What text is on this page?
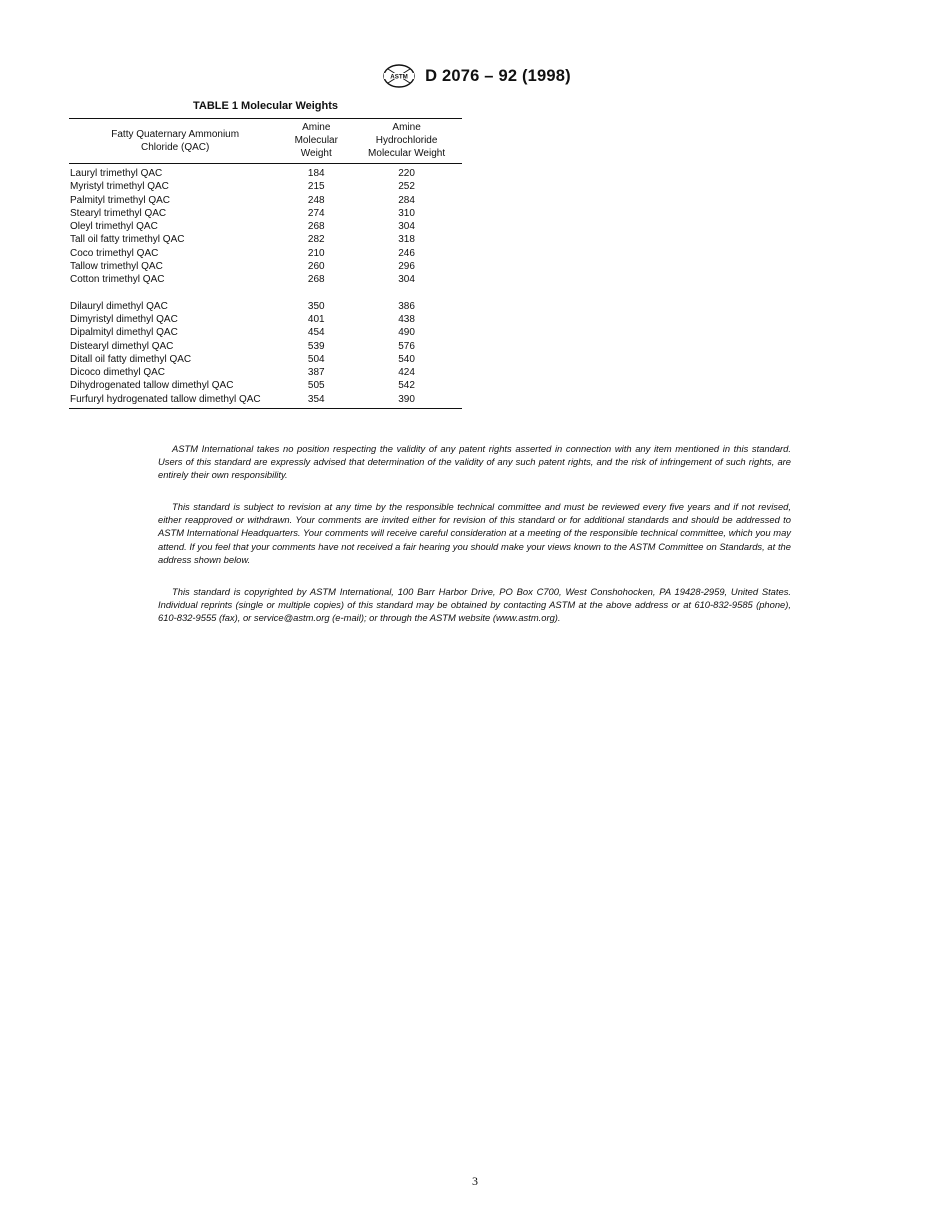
ASTM D 2076 – 92 (1998)
TABLE 1 Molecular Weights
Fatty Quaternary Ammonium Chloride (QAC)	Amine Molecular Weight	Amine Hydrochloride Molecular Weight
Lauryl trimethyl QAC	184	220
Myristyl trimethyl QAC	215	252
Palmityl trimethyl QAC	248	284
Stearyl trimethyl QAC	274	310
Oleyl trimethyl QAC	268	304
Tall oil fatty trimethyl QAC	282	318
Coco trimethyl QAC	210	246
Tallow trimethyl QAC	260	296
Cotton trimethyl QAC	268	304

Dilauryl dimethyl QAC	350	386
Dimyristyl dimethyl QAC	401	438
Dipalmityl dimethyl QAC	454	490
Distearyl dimethyl QAC	539	576
Ditall oil fatty dimethyl QAC	504	540
Dicoco dimethyl QAC	387	424
Dihydrogenated tallow dimethyl QAC	505	542
Furfuryl hydrogenated tallow dimethyl QAC	354	390

ASTM International takes no position respecting the validity of any patent rights asserted in connection with any item mentioned in this standard. Users of this standard are expressly advised that determination of the validity of any such patent rights, and the risk of infringement of such rights, are entirely their own responsibility.

This standard is subject to revision at any time by the responsible technical committee and must be reviewed every five years and if not revised, either reapproved or withdrawn. Your comments are invited either for revision of this standard or for additional standards and should be addressed to ASTM International Headquarters. Your comments will receive careful consideration at a meeting of the responsible technical committee, which you may attend. If you feel that your comments have not received a fair hearing you should make your views known to the ASTM Committee on Standards, at the address shown below.

This standard is copyrighted by ASTM International, 100 Barr Harbor Drive, PO Box C700, West Conshohocken, PA 19428-2959, United States. Individual reprints (single or multiple copies) of this standard may be obtained by contacting ASTM at the above address or at 610-832-9585 (phone), 610-832-9555 (fax), or service@astm.org (e-mail); or through the ASTM website (www.astm.org).

3
